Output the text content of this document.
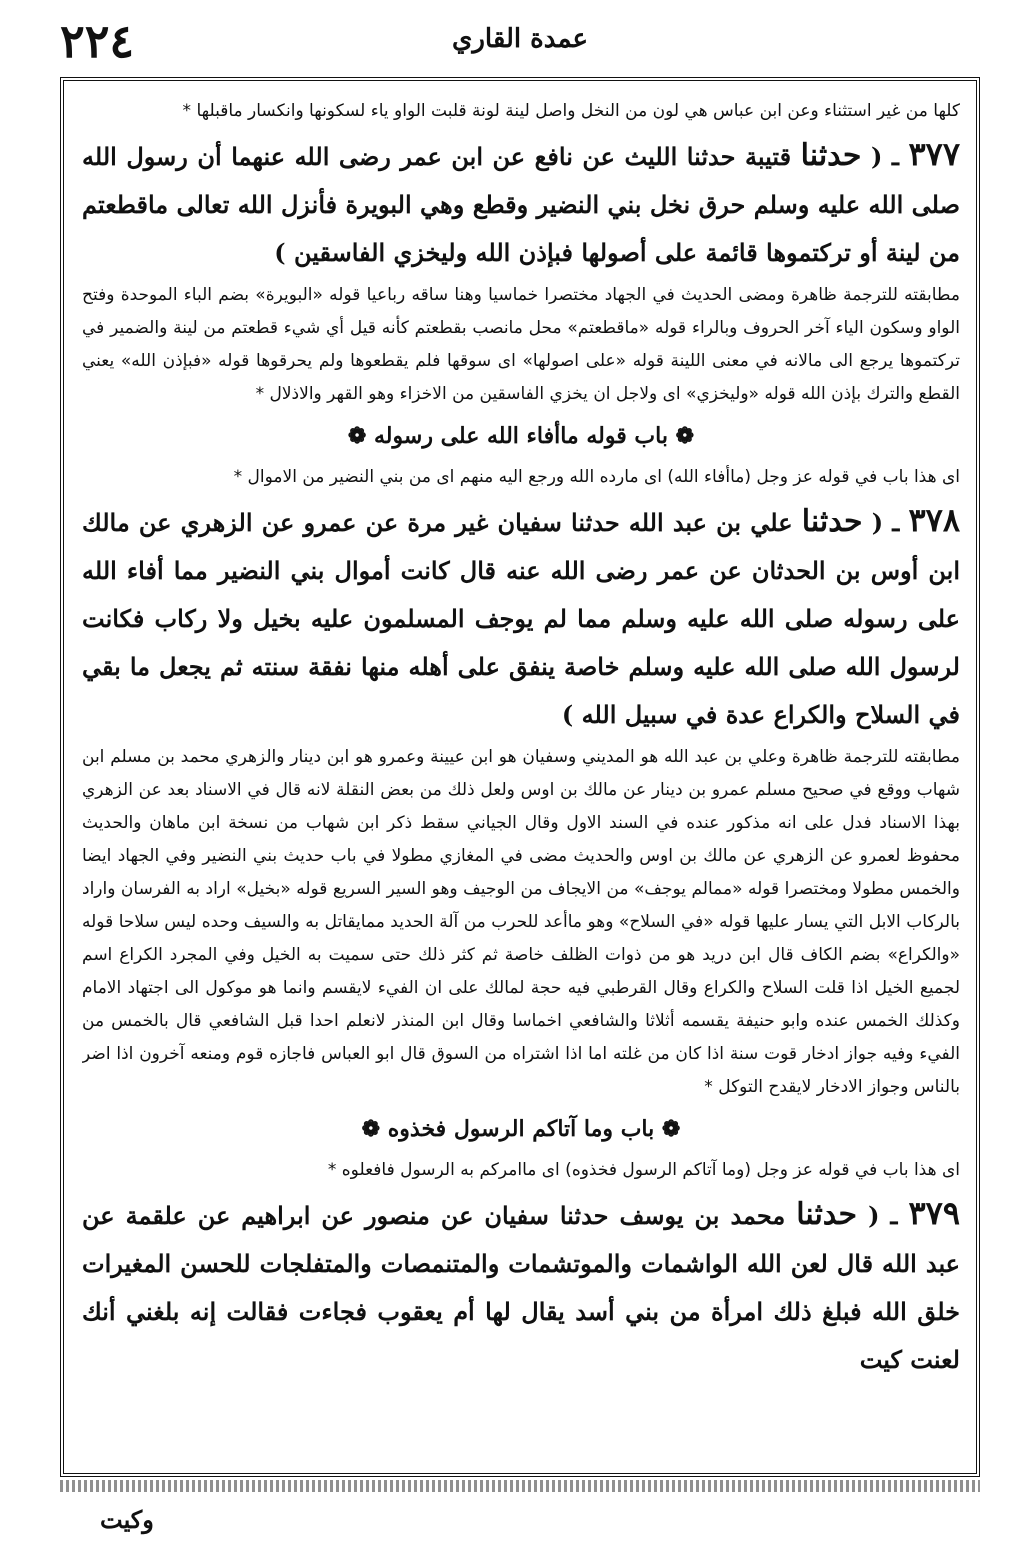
٢٢٤	عمدة القاري

كلها من غير استثناء وعن ابن عباس هي لون من النخل واصل لينة لونة قلبت الواو ياء لسكونها وانكسار ماقبلها *

٣٧٧ ـ ( حدثنا قتيبة حدثنا الليث عن نافع عن ابن عمر رضى الله عنهما أن رسول الله صلى الله عليه وسلم حرق نخل بني النضير وقطع وهي البويرة فأنزل الله تعالى ماقطعتم من لينة أو تركتموها قائمة على أصولها فبإذن الله وليخزي الفاسقين )

مطابقته للترجمة ظاهرة ومضى الحديث في الجهاد مختصرا خماسيا وهنا ساقه رباعيا قوله «البويرة» بضم الباء الموحدة وفتح الواو وسكون الياء آخر الحروف وبالراء قوله «ماقطعتم» محل مانصب بقطعتم كأنه قيل أي شيء قطعتم من لينة والضمير في تركتموها يرجع الى مالانه في معنى اللينة قوله «على اصولها» اى سوقها فلم يقطعوها ولم يحرقوها قوله «فبإذن الله» يعني القطع والترك بإذن الله قوله «وليخزي» اى ولاجل ان يخزي الفاسقين من الاخزاء وهو القهر والاذلال *

❁ باب قوله ماأفاء الله على رسوله ❁

اى هذا باب في قوله عز وجل (ماأفاء الله) اى مارده الله ورجع اليه منهم اى من بني النضير من الاموال *

٣٧٨ ـ ( حدثنا علي بن عبد الله حدثنا سفيان غير مرة عن عمرو عن الزهري عن مالك ابن أوس بن الحدثان عن عمر رضى الله عنه قال كانت أموال بني النضير مما أفاء الله على رسوله صلى الله عليه وسلم مما لم يوجف المسلمون عليه بخيل ولا ركاب فكانت لرسول الله صلى الله عليه وسلم خاصة ينفق على أهله منها نفقة سنته ثم يجعل ما بقي في السلاح والكراع عدة في سبيل الله )

مطابقته للترجمة ظاهرة وعلي بن عبد الله هو المديني وسفيان هو ابن عيينة وعمرو هو ابن دينار والزهري محمد بن مسلم ابن شهاب ووقع في صحيح مسلم عمرو بن دينار عن مالك بن اوس ولعل ذلك من بعض النقلة لانه قال في الاسناد بعد عن الزهري بهذا الاسناد فدل على انه مذكور عنده في السند الاول وقال الجياني سقط ذكر ابن شهاب من نسخة ابن ماهان والحديث محفوظ لعمرو عن الزهري عن مالك بن اوس والحديث مضى في المغازي مطولا في باب حديث بني النضير وفي الجهاد ايضا والخمس مطولا ومختصرا قوله «ممالم يوجف» من الايجاف من الوجيف وهو السير السريع قوله «بخيل» اراد به الفرسان واراد بالركاب الابل التي يسار عليها قوله «في السلاح» وهو ماأعد للحرب من آلة الحديد ممايقاتل به والسيف وحده ليس سلاحا قوله «والكراع» بضم الكاف قال ابن دريد هو من ذوات الظلف خاصة ثم كثر ذلك حتى سميت به الخيل وفي المجرد الكراع اسم لجميع الخيل اذا قلت السلاح والكراع وقال القرطبي فيه حجة لمالك على ان الفيء لايقسم وانما هو موكول الى اجتهاد الامام وكذلك الخمس عنده وابو حنيفة يقسمه أثلاثا والشافعي اخماسا وقال ابن المنذر لانعلم احدا قبل الشافعي قال بالخمس من الفيء وفيه جواز ادخار قوت سنة اذا كان من غلته اما اذا اشتراه من السوق قال ابو العباس فاجازه قوم ومنعه آخرون اذا اضر بالناس وجواز الادخار لايقدح التوكل *

❁ باب وما آتاكم الرسول فخذوه ❁

اى هذا باب في قوله عز وجل (وما آتاكم الرسول فخذوه) اى ماامركم به الرسول فافعلوه *

٣٧٩ ـ ( حدثنا محمد بن يوسف حدثنا سفيان عن منصور عن ابراهيم عن علقمة عن عبد الله قال لعن الله الواشمات والموتشمات والمتنمصات والمتفلجات للحسن المغيرات خلق الله فبلغ ذلك امرأة من بني أسد يقال لها أم يعقوب فجاءت فقالت إنه بلغني أنك لعنت كيت

وكيت
